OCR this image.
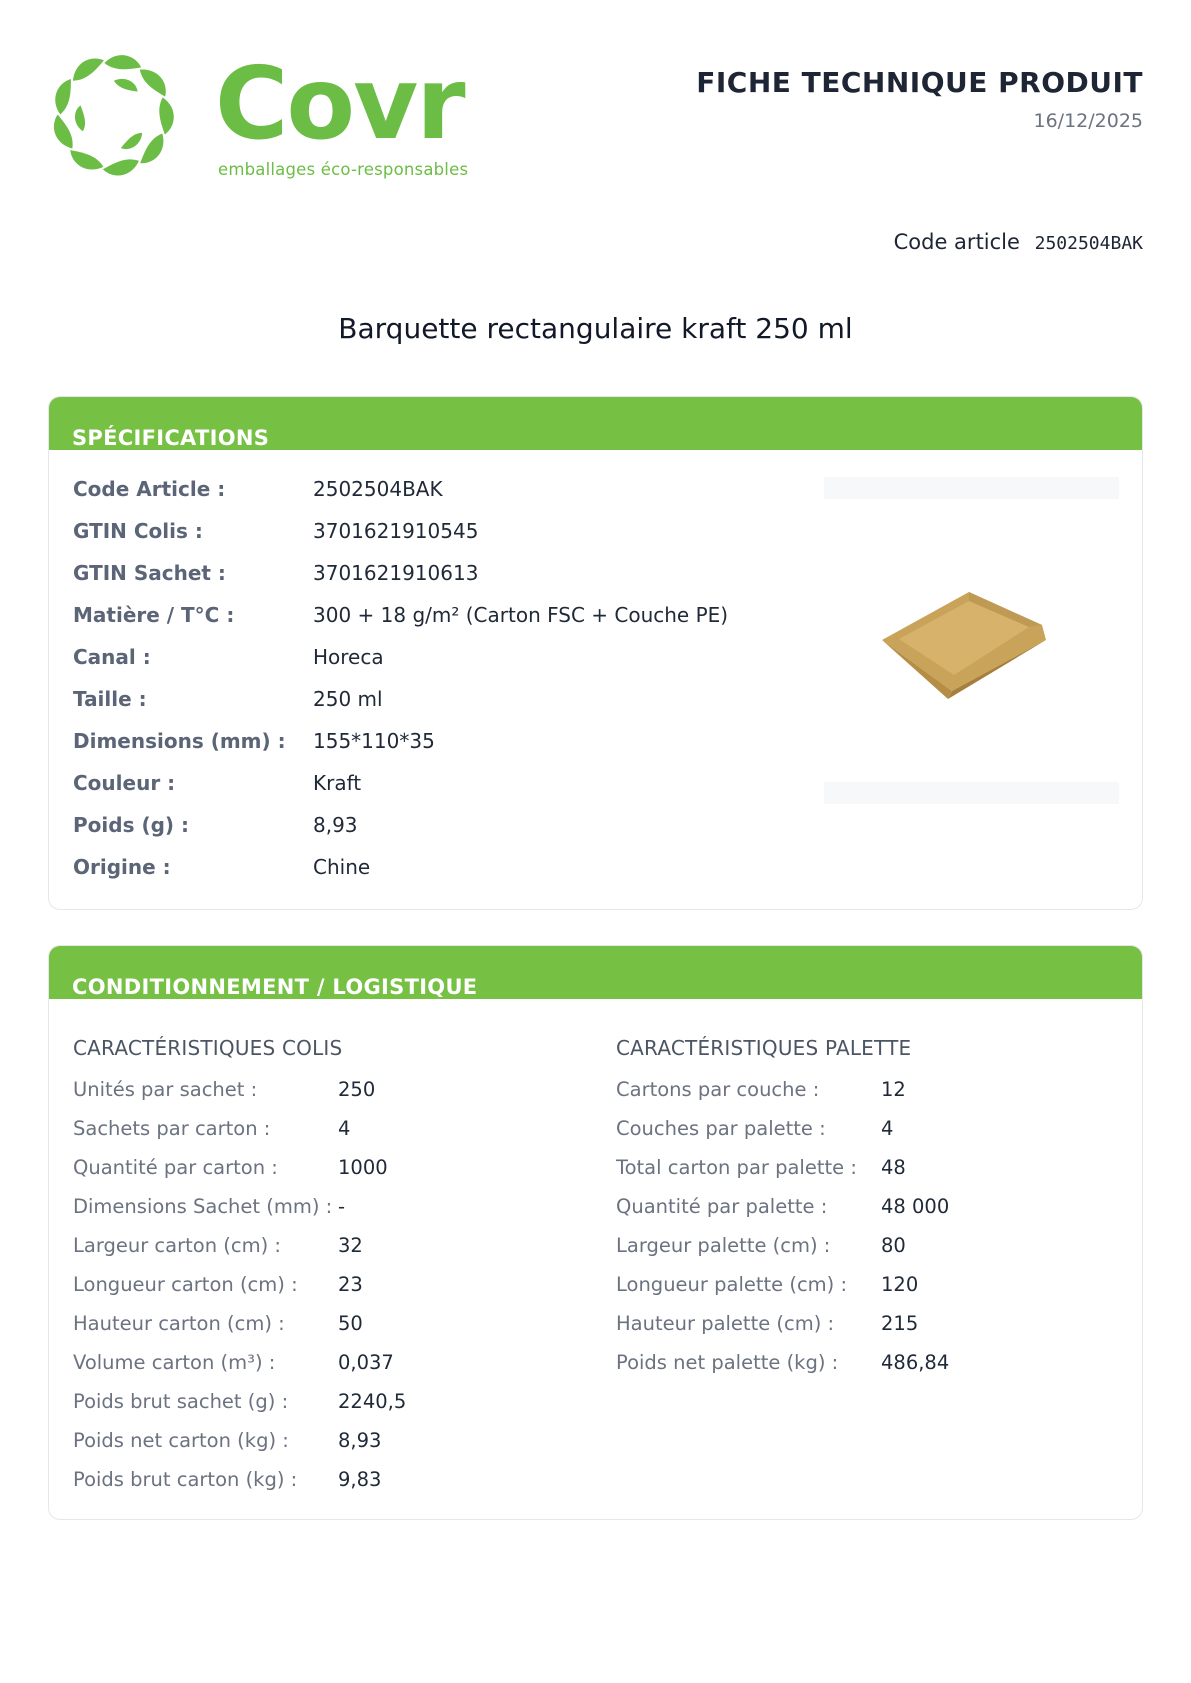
Covr
emballages éco-responsables
FICHE TECHNIQUE PRODUIT
16/12/2025
Code article 2502504BAK
Barquette rectangulaire kraft 250 ml
SPÉCIFICATIONS
Code Article :	2502504BAK
GTIN Colis :	3701621910545
GTIN Sachet :	3701621910613
Matière / T°C :	300 + 18 g/m² (Carton FSC + Couche PE)
Canal :	Horeca
Taille :	250 ml
Dimensions (mm) : 155*110*35
Couleur :	Kraft
Poids (g) :	8,93
Origine :	Chine
CONDITIONNEMENT / LOGISTIQUE
CARACTÉRISTIQUES COLIS
Unités par sachet :	250
Sachets par carton :	4
Quantité par carton :	1000
Dimensions Sachet (mm) : -
Largeur carton (cm) :	32
Longueur carton (cm) : 23
Hauteur carton (cm) :	50
Volume carton (m³) :	0,037
Poids brut sachet (g) :	2240,5
Poids net carton (kg) :	8,93
Poids brut carton (kg) : 9,83
CARACTÉRISTIQUES PALETTE
Cartons par couche :	12
Couches par palette :	4
Total carton par palette : 48
Quantité par palette :	48 000
Largeur palette (cm) :	80
Longueur palette (cm) : 120
Hauteur palette (cm) : 215
Poids net palette (kg) : 486,84
